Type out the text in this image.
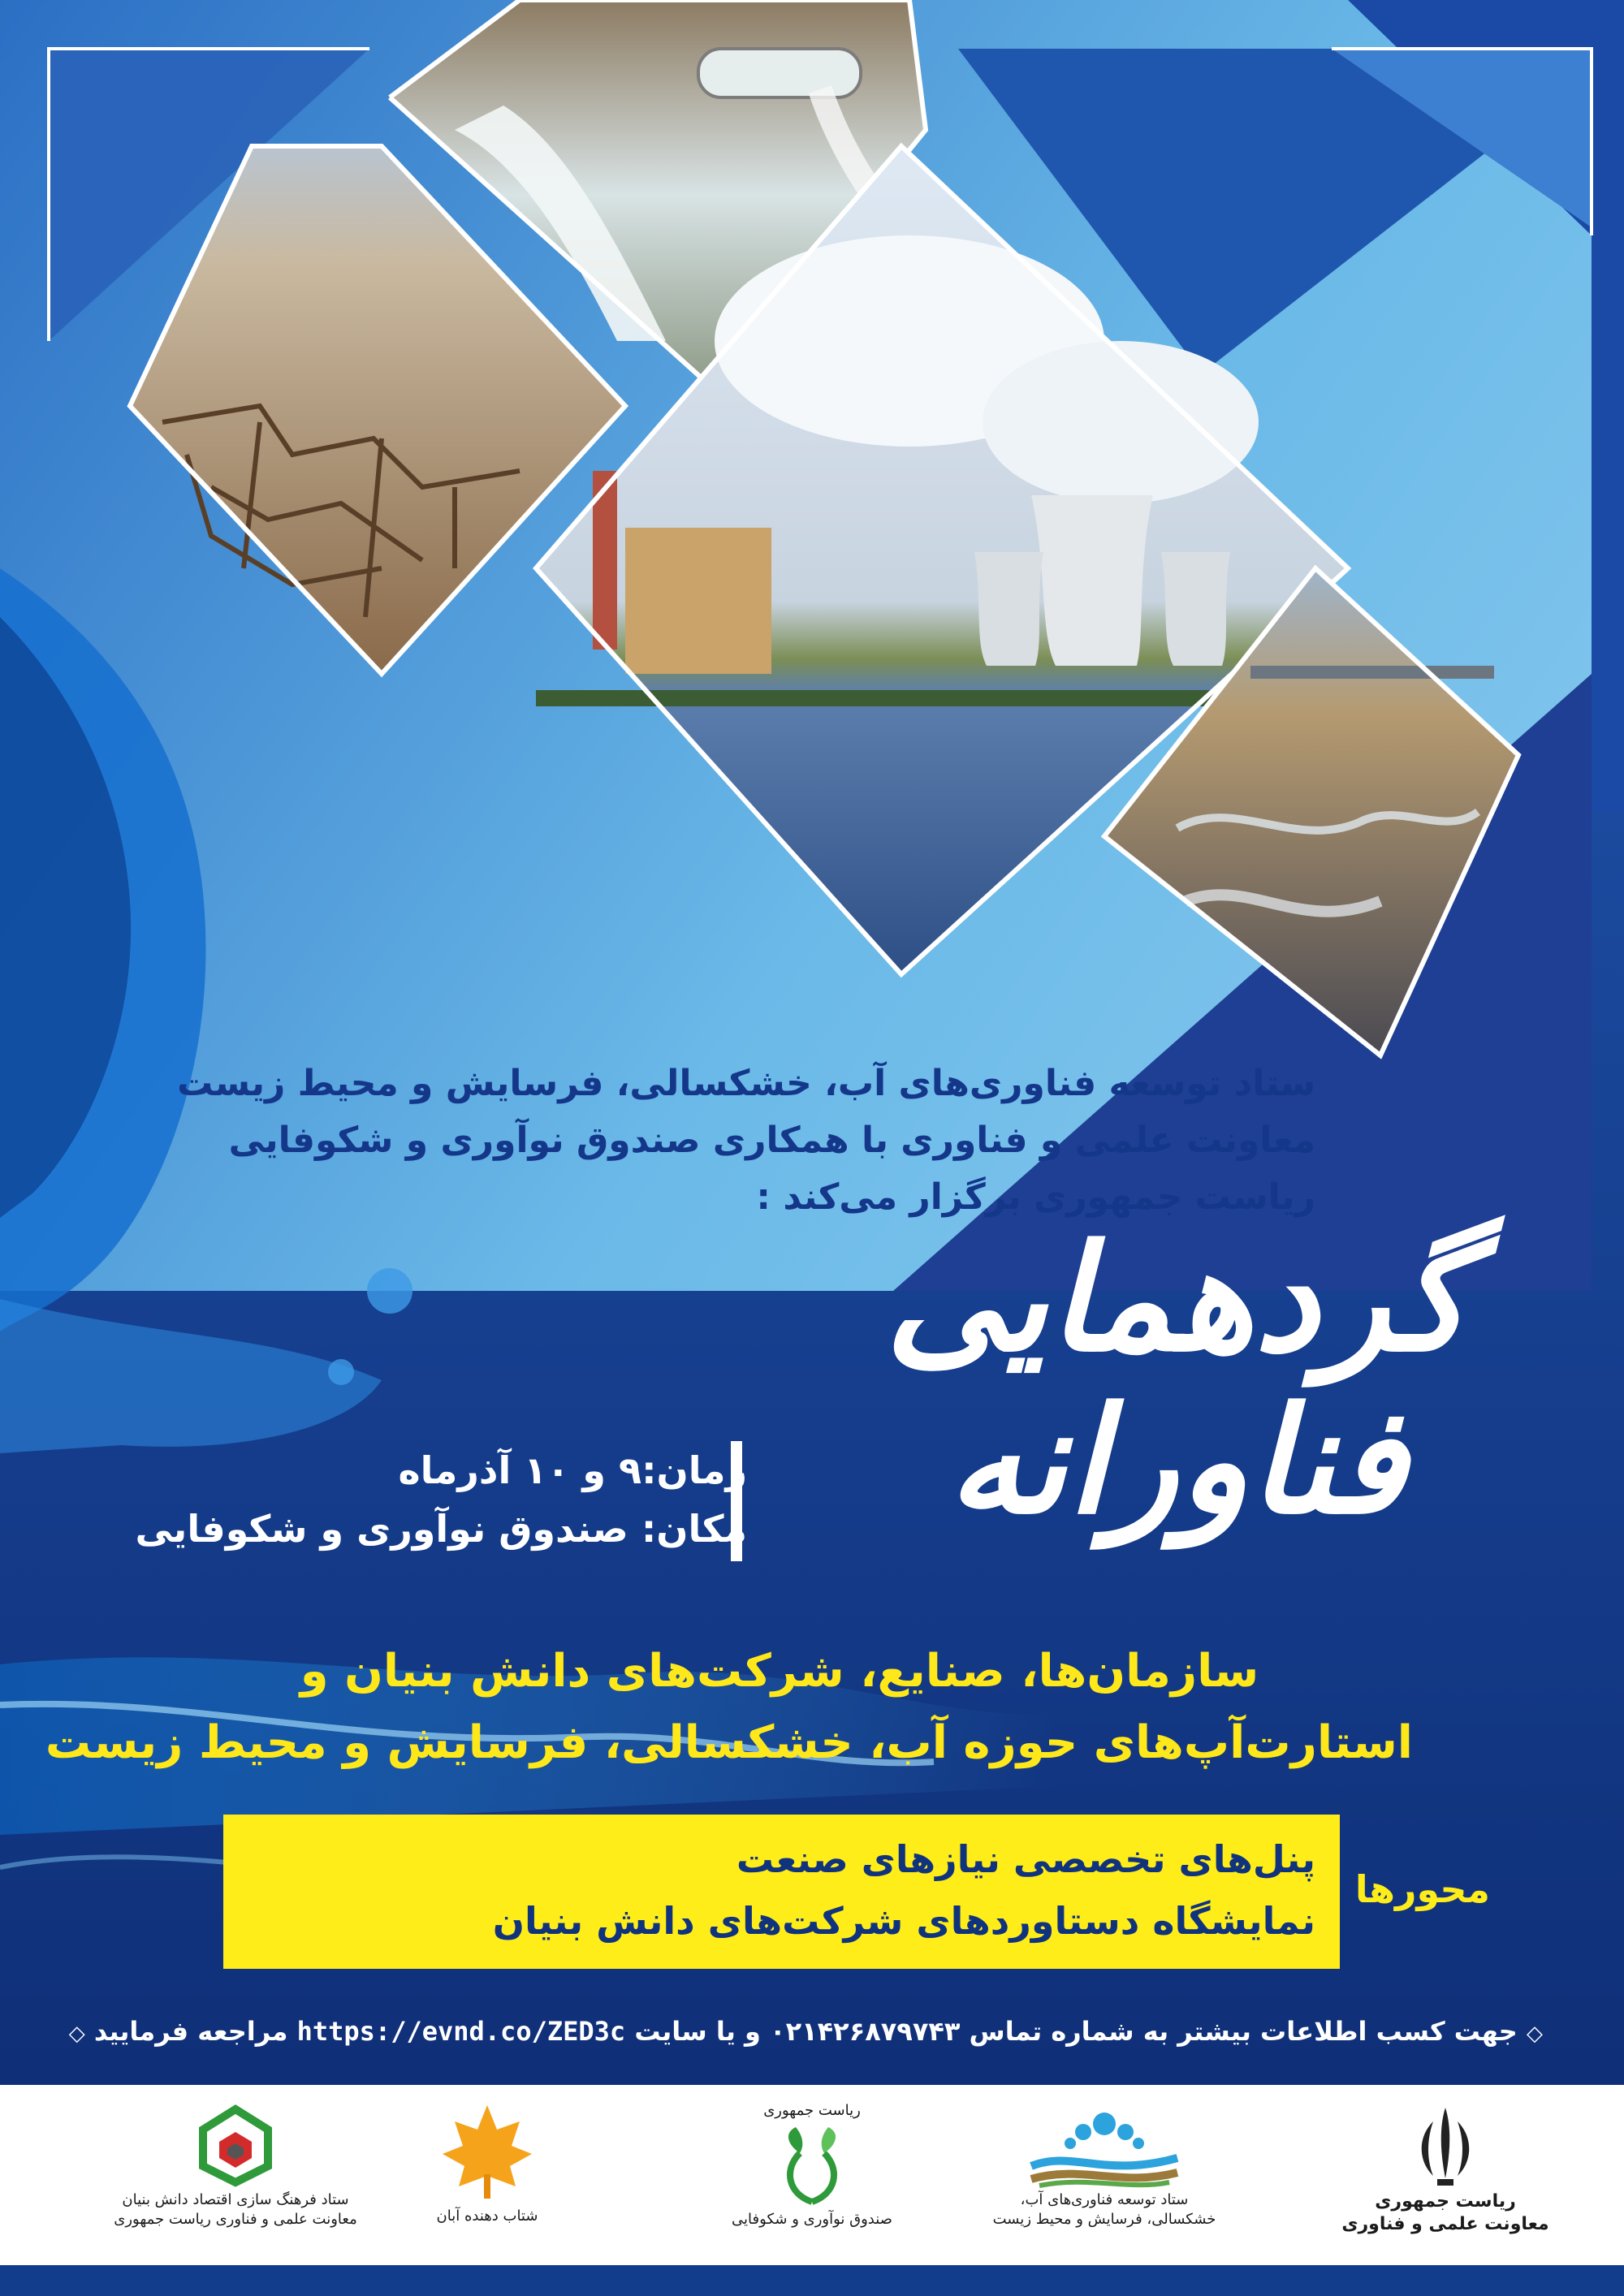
ستاد توسعه فناوری‌های آب، خشکسالی، فرسایش و محیط زیست
معاونت علمی و فناوری با همکاری صندوق نوآوری و شکوفایی
ریاست جمهوری برگزار می‌کند :
گردهمایی
فناورانه
زمان:۹ و ۱۰ آذرماه
مکان: صندوق نوآوری و شکوفایی
سازمان‌ها، صنایع، شرکت‌های دانش بنیان و
استارت‌آپ‌های حوزه آب، خشکسالی، فرسایش و محیط زیست
پنل‌های تخصصی نیازهای صنعت
نمایشگاه دستاوردهای شرکت‌های دانش بنیان
محورها
◇ جهت کسب اطلاعات بیشتر به شماره تماس ۰۲۱۴۲۶۸۷۹۷۴۳ و یا سایت https://evnd.co/ZED3c مراجعه فرمایید ◇
ریاست جمهوری
معاونت علمی و فناوری
ستاد توسعه فناوری‌های آب،
خشکسالی، فرسایش و محیط زیست
ریاست جمهوری
صندوق نوآوری و شکوفایی
شتاب دهنده آبان
ستاد فرهنگ سازی اقتصاد دانش بنیان
معاونت علمی و فناوری ریاست جمهوری
